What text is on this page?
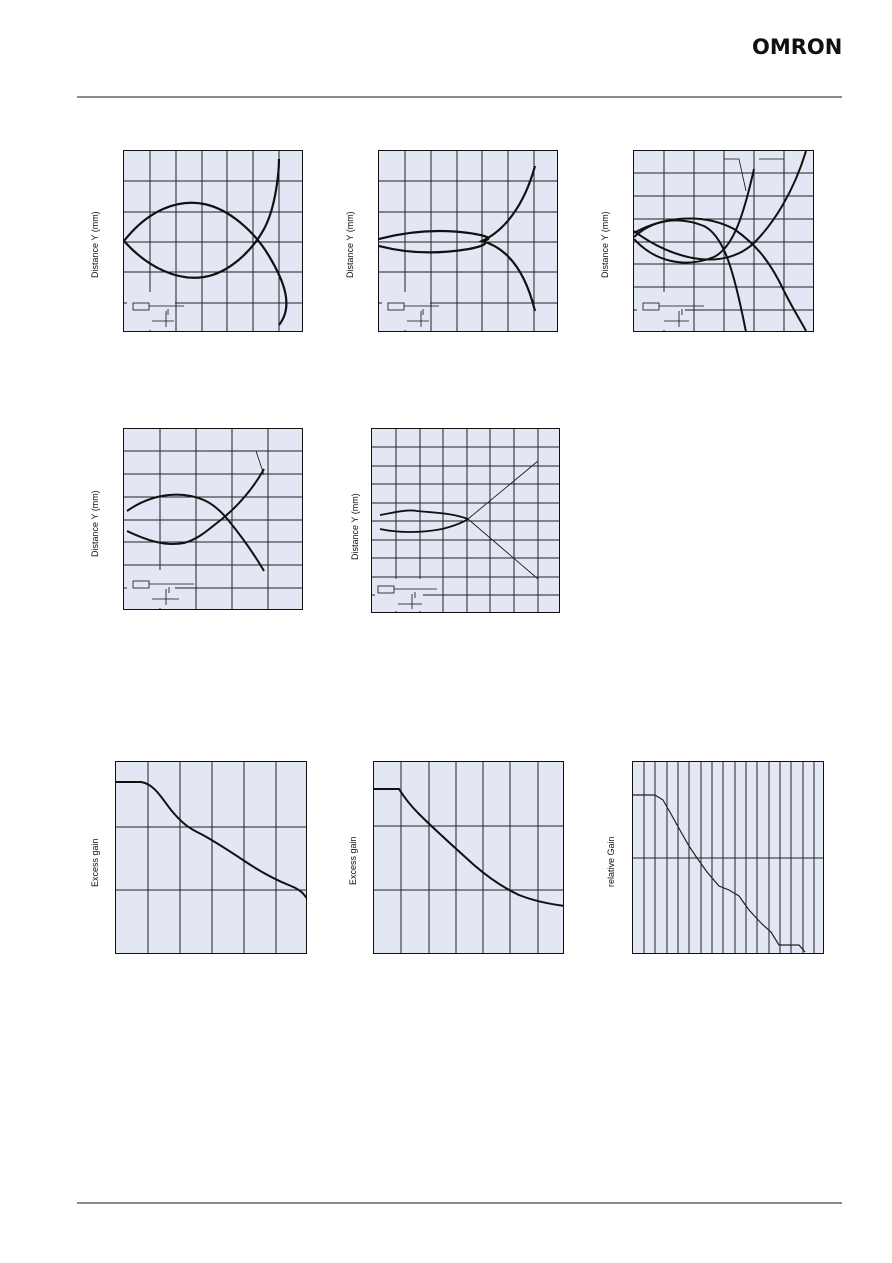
OMRON
Distance Y (mm)	Distance Y (mm)	Distance Y (mm)
Distance Y (mm)	Distance Y (mm)
Excess gain	Excess gain	relative Gain
